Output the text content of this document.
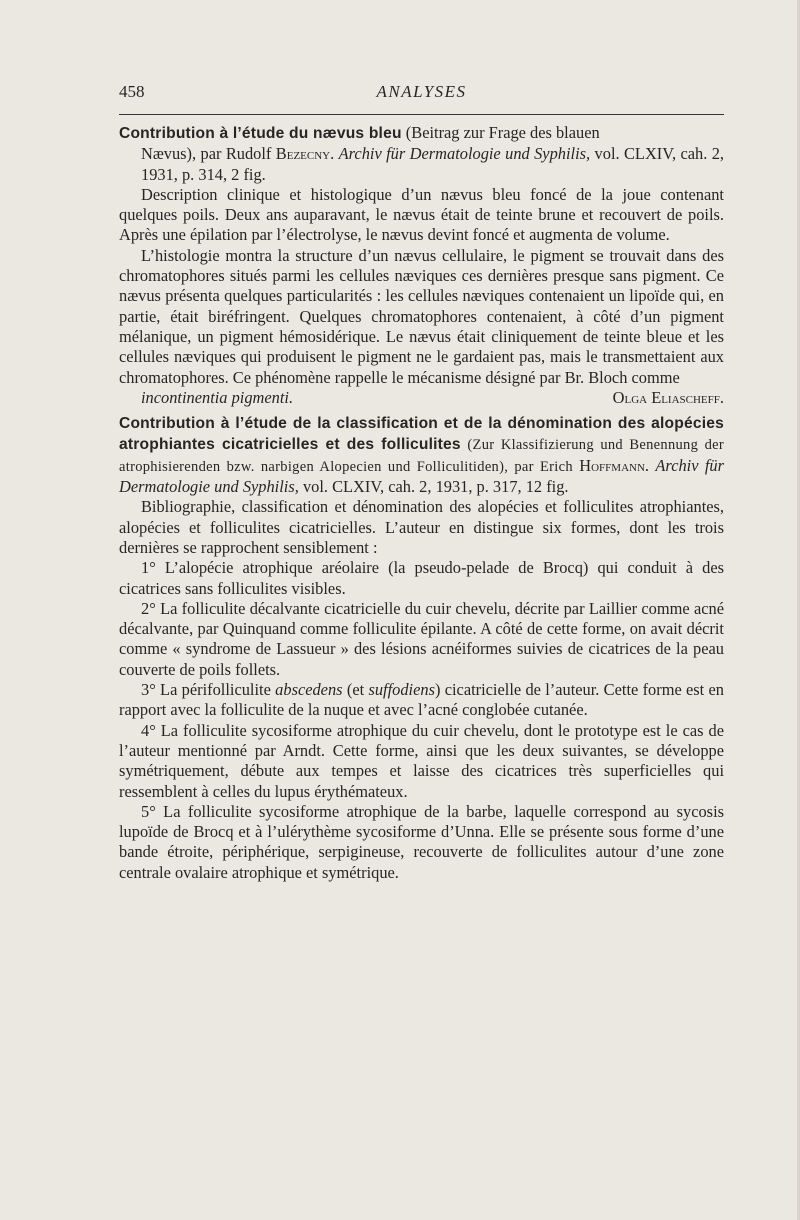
458	ANALYSES
Contribution à l’étude du nævus bleu (Beitrag zur Frage des blauen
Nævus), par Rudolf Bezecny. Archiv für Dermatologie und Syphilis, vol. CLXIV, cah. 2, 1931, p. 314, 2 fig.

Description clinique et histologique d’un nævus bleu foncé de la joue contenant quelques poils. Deux ans auparavant, le nævus était de teinte brune et recouvert de poils. Après une épilation par l’électrolyse, le nævus devint foncé et augmenta de volume.

L’histologie montra la structure d’un nævus cellulaire, le pigment se trouvait dans des chromatophores situés parmi les cellules næviques ces dernières presque sans pigment. Ce nævus présenta quelques particularités : les cellules næviques contenaient un lipoïde qui, en partie, était biréfringent. Quelques chromatophores contenaient, à côté d’un pigment mélanique, un pigment hémosidérique. Le nævus était cliniquement de teinte bleue et les cellules næviques qui produisent le pigment ne le gardaient pas, mais le transmettaient aux chromatophores. Ce phénomène rappelle le mécanisme désigné par Br. Bloch comme

incontinentia pigmenti.	Olga Eliascheff.

Contribution à l’étude de la classification et de la dénomination des alopécies atrophiantes cicatricielles et des folliculites (Zur Klassifizierung und Benennung der atrophisierenden bzw. narbigen Alopecien und Folliculitiden), par Erich Hoffmann. Archiv für Dermatologie und Syphilis, vol. CLXIV, cah. 2, 1931, p. 317, 12 fig.

Bibliographie, classification et dénomination des alopécies et folliculites atrophiantes, alopécies et folliculites cicatricielles. L’auteur en distingue six formes, dont les trois dernières se rapprochent sensiblement :

1° L’alopécie atrophique aréolaire (la pseudo-pelade de Brocq) qui conduit à des cicatrices sans folliculites visibles.

2° La folliculite décalvante cicatricielle du cuir chevelu, décrite par Laillier comme acné décalvante, par Quinquand comme folliculite épilante. A côté de cette forme, on avait décrit comme « syndrome de Lassueur » des lésions acnéiformes suivies de cicatrices de la peau couverte de poils follets.

3° La périfolliculite abscedens (et suffodiens) cicatricielle de l’auteur. Cette forme est en rapport avec la folliculite de la nuque et avec l’acné conglobée cutanée.

4° La folliculite sycosiforme atrophique du cuir chevelu, dont le prototype est le cas de l’auteur mentionné par Arndt. Cette forme, ainsi que les deux suivantes, se développe symétriquement, débute aux tempes et laisse des cicatrices très superficielles qui ressemblent à celles du lupus érythémateux.

5° La folliculite sycosiforme atrophique de la barbe, laquelle correspond au sycosis lupoïde de Brocq et à l’ulérythème sycosiforme d’Unna. Elle se présente sous forme d’une bande étroite, périphérique, serpigineuse, recouverte de folliculites autour d’une zone centrale ovalaire atrophique et symétrique.
